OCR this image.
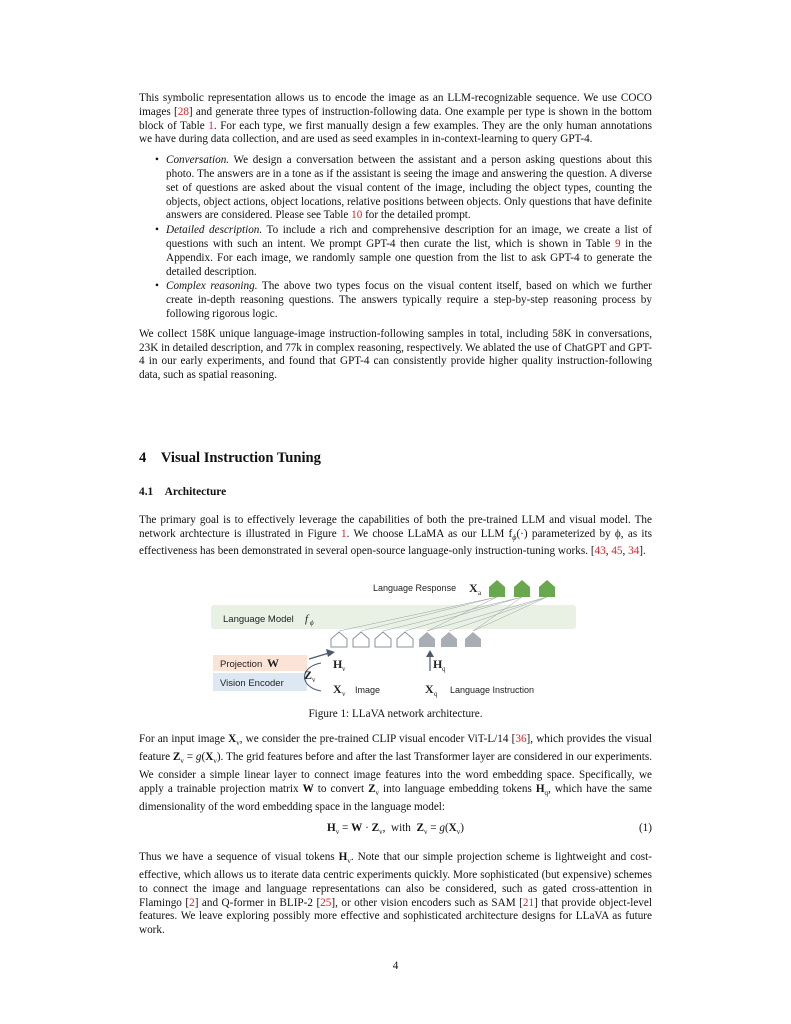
This symbolic representation allows us to encode the image as an LLM-recognizable sequence. We use COCO images [28] and generate three types of instruction-following data. One example per type is shown in the bottom block of Table 1. For each type, we first manually design a few examples. They are the only human annotations we have during data collection, and are used as seed examples in in-context-learning to query GPT-4.

• Conversation. We design a conversation between the assistant and a person asking questions about this photo. The answers are in a tone as if the assistant is seeing the image and answering the question. A diverse set of questions are asked about the visual content of the image, including the object types, counting the objects, object actions, object locations, relative positions between objects. Only questions that have definite answers are considered. Please see Table 10 for the detailed prompt.
• Detailed description. To include a rich and comprehensive description for an image, we create a list of questions with such an intent. We prompt GPT-4 then curate the list, which is shown in Table 9 in the Appendix. For each image, we randomly sample one question from the list to ask GPT-4 to generate the detailed description.
• Complex reasoning. The above two types focus on the visual content itself, based on which we further create in-depth reasoning questions. The answers typically require a step-by-step reasoning process by following rigorous logic.

We collect 158K unique language-image instruction-following samples in total, including 58K in conversations, 23K in detailed description, and 77k in complex reasoning, respectively. We ablated the use of ChatGPT and GPT-4 in our early experiments, and found that GPT-4 can consistently provide higher quality instruction-following data, such as spatial reasoning.

4 Visual Instruction Tuning
4.1 Architecture

The primary goal is to effectively leverage the capabilities of both the pre-trained LLM and visual model. The network archtecture is illustrated in Figure 1. We choose LLaMA as our LLM $f_\phi(\cdot)$ parameterized by ϕ, as its effectiveness has been demonstrated in several open-source language-only instruction-tuning works. [43, 45, 34].

Language Model f ϕ
Language Response X a
Projection W
Vision Encoder
Z v
H v	H q
X v Image	X q Language Instruction
Figure 1: LLaVA network architecture.

For an input image $X_v$, we consider the pre-trained CLIP visual encoder ViT-L/14 [36], which provides the visual feature $Z_v = g(X_v)$. The grid features before and after the last Transformer layer are considered in our experiments. We consider a simple linear layer to connect image features into the word embedding space. Specifically, we apply a trainable projection matrix W to convert $Z_v$ into language embedding tokens $H_q$, which have the same dimensionality of the word embedding space in the language model:

$H_v = W \cdot Z_v$,  with  $Z_v = g(X_v)$	(1)

Thus we have a sequence of visual tokens $H_v$. Note that our simple projection scheme is lightweight and cost-effective, which allows us to iterate data centric experiments quickly. More sophisticated (but expensive) schemes to connect the image and language representations can also be considered, such as gated cross-attention in Flamingo [2] and Q-former in BLIP-2 [25], or other vision encoders such as SAM [21] that provide object-level features. We leave exploring possibly more effective and sophisticated architecture designs for LLaVA as future work.

4
